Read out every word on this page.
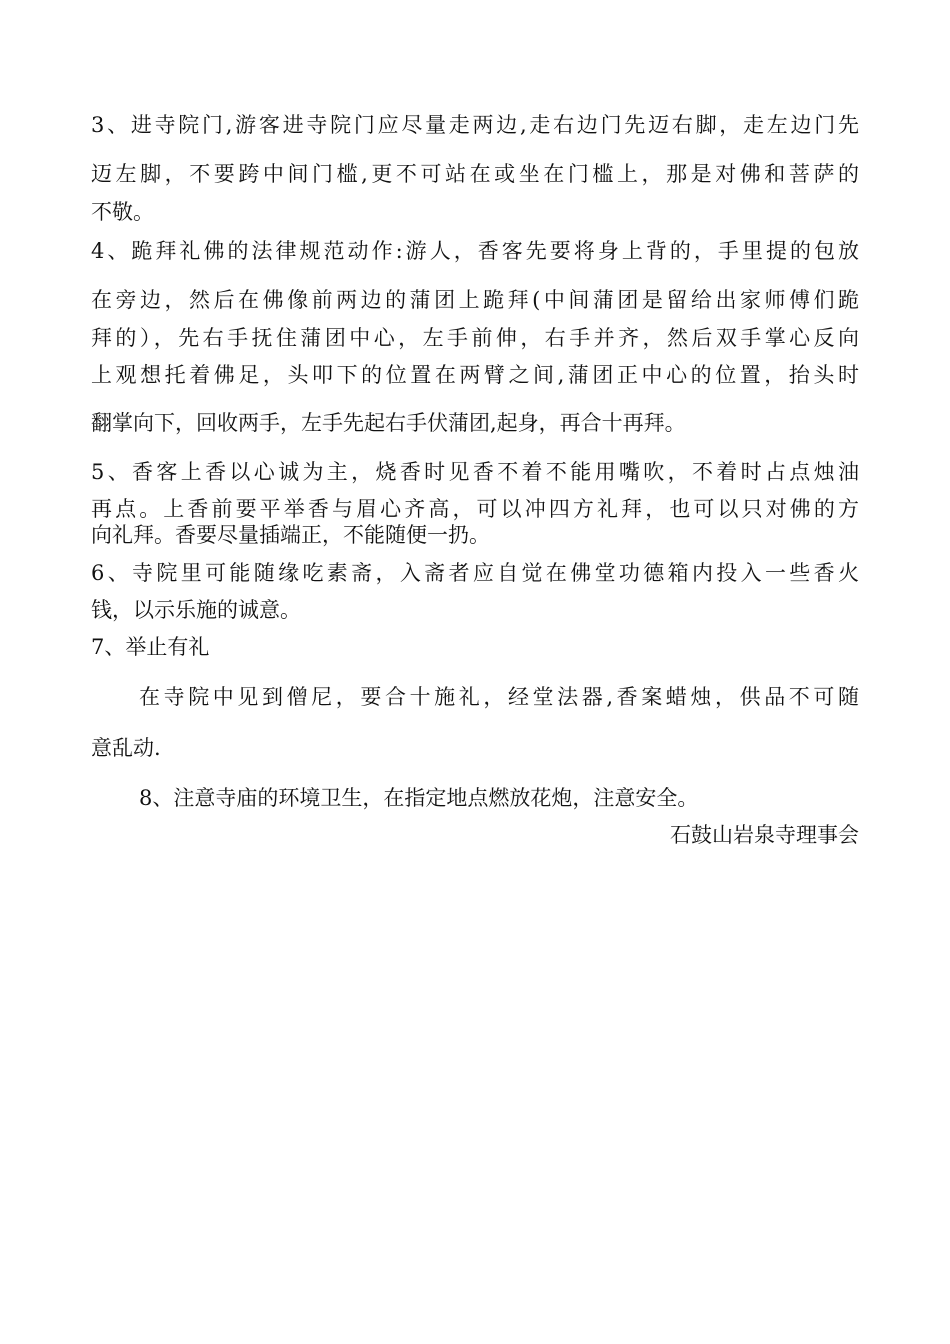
3、进寺院门,游客进寺院门应尽量走两边,走右边门先迈右脚，走左边门先
迈左脚，不要跨中间门槛,更不可站在或坐在门槛上，那是对佛和菩萨的
不敬。
4、跪拜礼佛的法律规范动作:游人，香客先要将身上背的，手里提的包放
在旁边，然后在佛像前两边的蒲团上跪拜(中间蒲团是留给出家师傅们跪
拜的），先右手抚住蒲团中心，左手前伸，右手并齐，然后双手掌心反向
上观想托着佛足，头叩下的位置在两臂之间,蒲团正中心的位置，抬头时
翻掌向下，回收两手，左手先起右手伏蒲团,起身，再合十再拜。
5、香客上香以心诚为主，烧香时见香不着不能用嘴吹，不着时占点烛油
再点。上香前要平举香与眉心齐高，可以冲四方礼拜，也可以只对佛的方
向礼拜。香要尽量插端正，不能随便一扔。
6、寺院里可能随缘吃素斋，入斋者应自觉在佛堂功德箱内投入一些香火
钱，以示乐施的诚意。
7、举止有礼
在寺院中见到僧尼，要合十施礼，经堂法器,香案蜡烛，供品不可随
意乱动.
8、注意寺庙的环境卫生，在指定地点燃放花炮，注意安全。
石鼓山岩泉寺理事会
